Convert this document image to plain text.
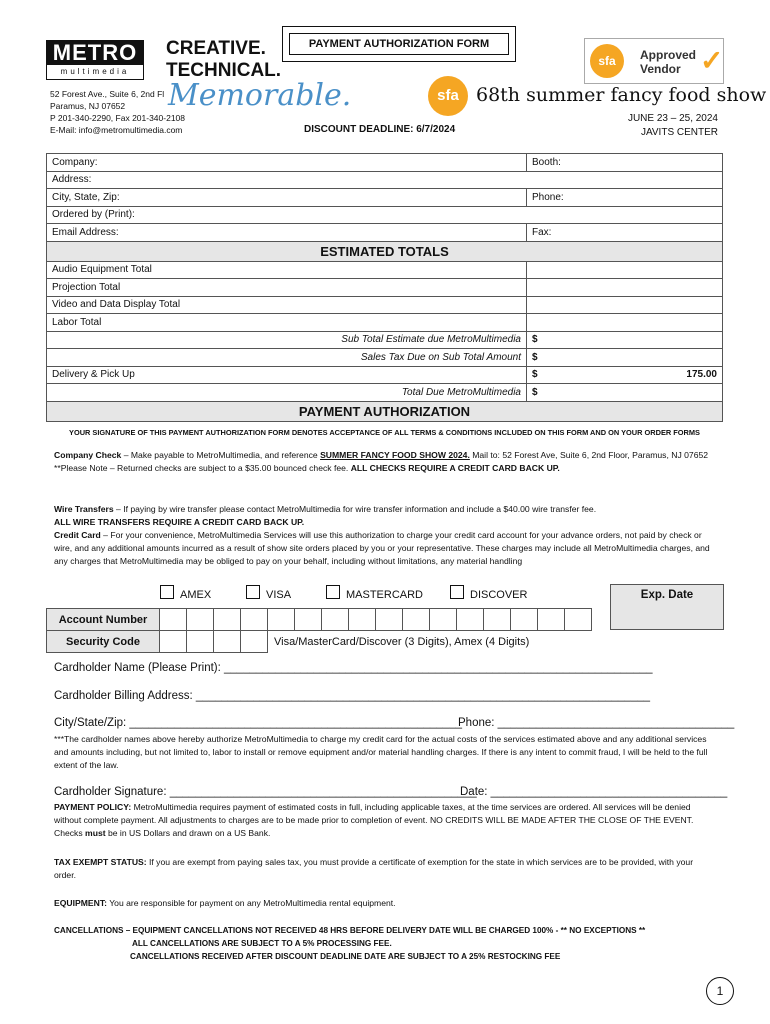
METRO
multimedia
CREATIVE.
TECHNICAL.
Memorable.
52 Forest Ave., Suite 6, 2nd Fl
Paramus, NJ 07652
P 201-340-2290, Fax 201-340-2108
E-Mail: info@metromultimedia.com
PAYMENT AUTHORIZATION FORM
sfa	Approved
Vendor ✓
sfa 68th summer fancy food show
JUNE 23 – 25, 2024
JAVITS CENTER
DISCOUNT DEADLINE: 6/7/2024
Company:	Booth:
Address:	
City, State, Zip:	Phone:
Ordered by (Print):	
Email Address:	Fax:
ESTIMATED TOTALS	
Audio Equipment Total	
Projection Total	
Video and Data Display Total	
Labor Total	
Sub Total Estimate due MetroMultimedia	$
Sales Tax Due on Sub Total Amount	$
Delivery & Pick Up	$ 175.00

Total Due MetroMultimedia	$
PAYMENT AUTHORIZATION	
YOUR SIGNATURE OF THIS PAYMENT AUTHORIZATION FORM DENOTES ACCEPTANCE OF ALL TERMS & CONDITIONS INCLUDED ON THIS FORM AND ON YOUR ORDER FORMS
Company Check – Make payable to MetroMultimedia, and reference SUMMER FANCY FOOD SHOW 2024. Mail to: 52 Forest Ave, Suite 6, 2nd Floor, Paramus, NJ 07652
**Please Note – Returned checks are subject to a $35.00 bounced check fee. ALL CHECKS REQUIRE A CREDIT CARD BACK UP.
Wire Transfers – If paying by wire transfer please contact MetroMultimedia for wire transfer information and include a $40.00 wire transfer fee.
ALL WIRE TRANSFERS REQUIRE A CREDIT CARD BACK UP.
Credit Card – For your convenience, MetroMultimedia Services will use this authorization to charge your credit card account for your advance orders, not paid by check or wire, and any additional amounts incurred as a result of show site orders placed by you or your representative. These charges may include all MetroMultimedia charges, and any charges that MetroMultimedia may be obliged to pay on your behalf, including without limitations, any material handling
AMEX	VISA	MASTERCARD	DISCOVER	Exp. Date
Account Number																
Security Code					Visa/MasterCard/Discover (3 Digits), Amex (4 Digits)											
Cardholder Name (Please Print): ___________________________________________________________________
Cardholder Billing Address: _______________________________________________________________________
City/State/Zip: ____________________________________________________
Phone: _____________________________________
***The cardholder names above hereby authorize MetroMultimedia to charge my credit card for the actual costs of the services estimated above and any additional services and amounts including, but not limited to, labor to install or remove equipment and/or material handling charges. If there is any intent to commit fraud, I will be held to the full extent of the law.
Cardholder Signature: ________________________________________________
Date: _____________________________________
PAYMENT POLICY: MetroMultimedia requires payment of estimated costs in full, including applicable taxes, at the time services are ordered. All services will be denied without complete payment. All adjustments to charges are to be made prior to completion of event. NO CREDITS WILL BE MADE AFTER THE CLOSE OF THE EVENT. Checks must be in US Dollars and drawn on a US Bank.
TAX EXEMPT STATUS: If you are exempt from paying sales tax, you must provide a certificate of exemption for the state in which services are to be provided, with your order.
EQUIPMENT: You are responsible for payment on any MetroMultimedia rental equipment.
CANCELLATIONS – EQUIPMENT CANCELLATIONS NOT RECEIVED 48 HRS BEFORE DELIVERY DATE WILL BE CHARGED 100% - ** NO EXCEPTIONS **
ALL CANCELLATIONS ARE SUBJECT TO A 5% PROCESSING FEE.
CANCELLATIONS RECEIVED AFTER DISCOUNT DEADLINE DATE ARE SUBJECT TO A 25% RESTOCKING FEE
1
